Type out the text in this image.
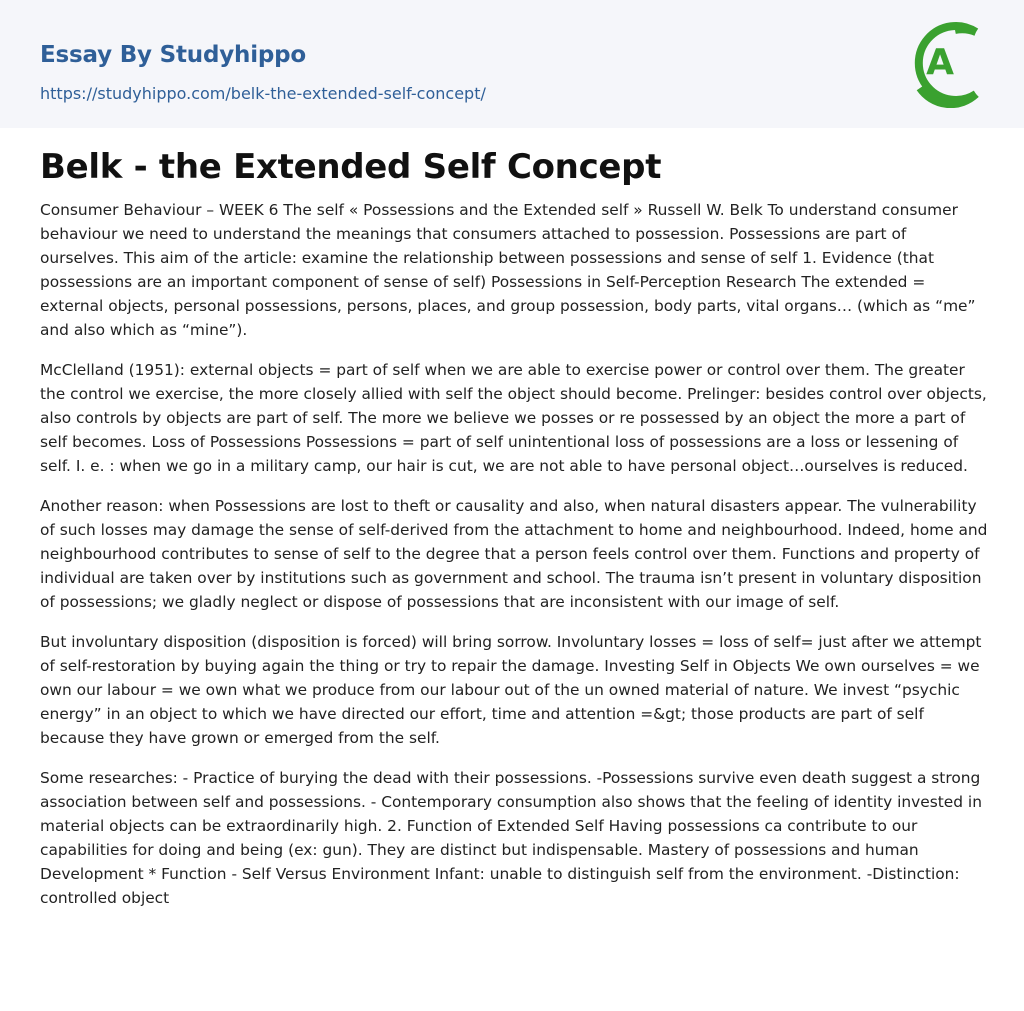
Essay By Studyhippo
https://studyhippo.com/belk-the-extended-self-concept/
A
Belk - the Extended Self Concept

Consumer Behaviour – WEEK 6 The self « Possessions and the Extended self » Russell W. Belk To understand consumer behaviour we need to understand the meanings that consumers attached to possession. Possessions are part of ourselves. This aim of the article: examine the relationship between possessions and sense of self 1. Evidence (that possessions are an important component of sense of self) Possessions in Self-Perception Research The extended = external objects, personal possessions, persons, places, and group possession, body parts, vital organs… (which as “me” and also which as “mine”).

McClelland (1951): external objects = part of self when we are able to exercise power or control over them. The greater the control we exercise, the more closely allied with self the object should become. Prelinger: besides control over objects, also controls by objects are part of self. The more we believe we posses or re possessed by an object the more a part of self becomes. Loss of Possessions Possessions = part of self unintentional loss of possessions are a loss or lessening of self. I. e. : when we go in a military camp, our hair is cut, we are not able to have personal object…ourselves is reduced.

Another reason: when Possessions are lost to theft or causality and also, when natural disasters appear. The vulnerability of such losses may damage the sense of self-derived from the attachment to home and neighbourhood. Indeed, home and neighbourhood contributes to sense of self to the degree that a person feels control over them. Functions and property of individual are taken over by institutions such as government and school. The trauma isn’t present in voluntary disposition of possessions; we gladly neglect or dispose of possessions that are inconsistent with our image of self.

But involuntary disposition (disposition is forced) will bring sorrow. Involuntary losses = loss of self= just after we attempt of self-restoration by buying again the thing or try to repair the damage. Investing Self in Objects We own ourselves = we own our labour = we own what we produce from our labour out of the un owned material of nature. We invest “psychic energy” in an object to which we have directed our effort, time and attention =&gt; those products are part of self because they have grown or emerged from the self.

Some researches: - Practice of burying the dead with their possessions. -Possessions survive even death suggest a strong association between self and possessions. - Contemporary consumption also shows that the feeling of identity invested in material objects can be extraordinarily high. 2. Function of Extended Self Having possessions ca contribute to our capabilities for doing and being (ex: gun). They are distinct but indispensable. Mastery of possessions and human Development * Function - Self Versus Environment Infant: unable to distinguish self from the environment. -Distinction: controlled object
